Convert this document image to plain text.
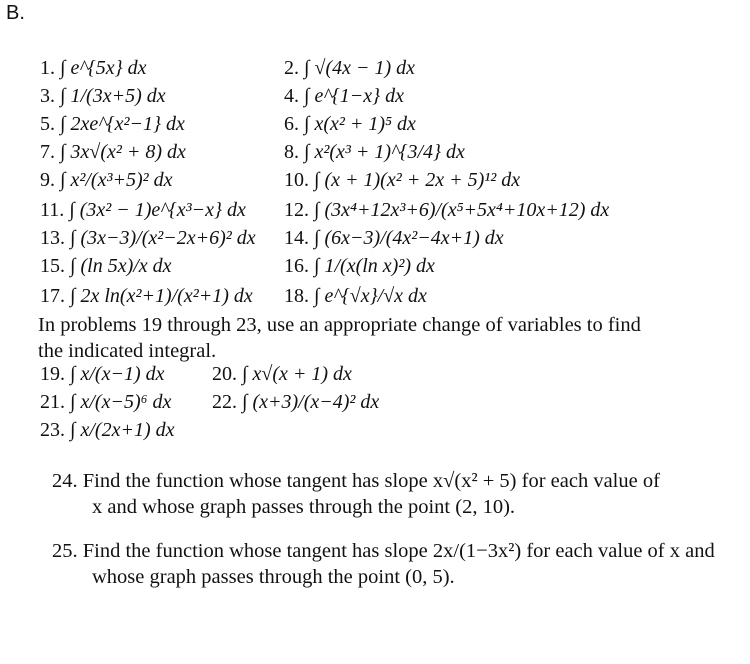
B.
1. ∫ e^{5x} dx	2. ∫ √(4x − 1) dx
3. ∫ 1/(3x+5) dx	4. ∫ e^{1−x} dx
5. ∫ 2xe^{x²−1} dx	6. ∫ x(x² + 1)⁵ dx
7. ∫ 3x√(x² + 8) dx	8. ∫ x²(x³ + 1)^{3/4} dx
9. ∫ x²/(x³+5)² dx	10. ∫ (x + 1)(x² + 2x + 5)¹² dx
11. ∫ (3x² − 1)e^{x³−x} dx 12. ∫ (3x⁴+12x³+6)/(x⁵+5x⁴+10x+12) dx
13. ∫ (3x−3)/(x²−2x+6)² dx 14. ∫ (6x−3)/(4x²−4x+1) dx
15. ∫ (ln 5x)/x dx	16. ∫ 1/(x(ln x)²) dx
17. ∫ 2x ln(x²+1)/(x²+1) dx 18. ∫ e^{√x}/√x dx
In problems 19 through 23, use an appropriate change of variables to find
the indicated integral.
19. ∫ x/(x−1) dx 20. ∫ x√(x + 1) dx
21. ∫ x/(x−5)⁶ dx 22. ∫ (x+3)/(x−4)² dx
23. ∫ x/(2x+1) dx
24. Find the function whose tangent has slope x√(x² + 5) for each value of
x and whose graph passes through the point (2, 10).
25. Find the function whose tangent has slope 2x/(1−3x²) for each value of x and
whose graph passes through the point (0, 5).
